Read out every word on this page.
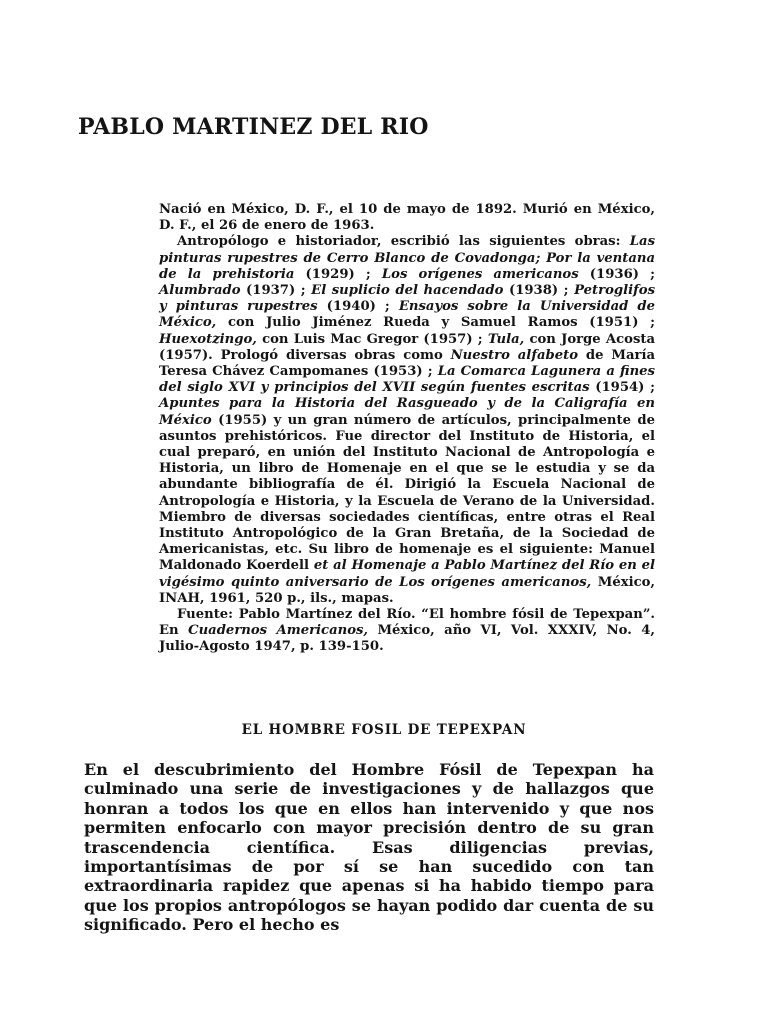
PABLO MARTINEZ DEL RIO

Nació en México, D. F., el 10 de mayo de 1892. Murió en México, D. F., el 26 de enero de 1963.

Antropólogo e historiador, escribió las siguientes obras: Las pinturas rupestres de Cerro Blanco de Covadonga; Por la ventana de la prehistoria (1929) ; Los orígenes americanos (1936) ; Alumbrado (1937) ; El suplicio del hacendado (1938) ; Petroglifos y pinturas rupestres (1940) ; Ensayos sobre la Universidad de México, con Julio Jiménez Rueda y Samuel Ramos (1951) ; Huexotzingo, con Luis Mac Gregor (1957) ; Tula, con Jorge Acosta (1957). Prologó diversas obras como Nuestro alfabeto de María Teresa Chávez Campomanes (1953) ; La Comarca Lagunera a fines del siglo XVI y principios del XVII según fuentes escritas (1954) ; Apuntes para la Historia del Rasgueado y de la Caligrafía en México (1955) y un gran número de artículos, principalmente de asuntos prehistóricos. Fue director del Instituto de Historia, el cual preparó, en unión del Instituto Nacional de Antropología e Historia, un libro de Homenaje en el que se le estudia y se da abundante bibliografía de él. Dirigió la Escuela Nacional de Antropología e Historia, y la Escuela de Verano de la Universidad. Miembro de diversas sociedades científicas, entre otras el Real Instituto Antropológico de la Gran Bretaña, de la Sociedad de Americanistas, etc. Su libro de homenaje es el siguiente: Manuel Maldonado Koerdell et al Homenaje a Pablo Martínez del Río en el vigésimo quinto aniversario de Los orígenes americanos, México, INAH, 1961, 520 p., ils., mapas.

Fuente: Pablo Martínez del Río. “El hombre fósil de Tepexpan”. En Cuadernos Americanos, México, año VI, Vol. XXXIV, No. 4, Julio-Agosto 1947, p. 139-150.

EL HOMBRE FOSIL DE TEPEXPAN

En el descubrimiento del Hombre Fósil de Tepexpan ha culminado una serie de investigaciones y de hallazgos que honran a todos los que en ellos han intervenido y que nos permiten enfocarlo con mayor precisión dentro de su gran trascendencia científica. Esas diligencias previas, importantísimas de por sí se han sucedido con tan extraordinaria rapidez que apenas si ha habido tiempo para que los propios antropólogos se hayan podido dar cuenta de su significado. Pero el hecho es
